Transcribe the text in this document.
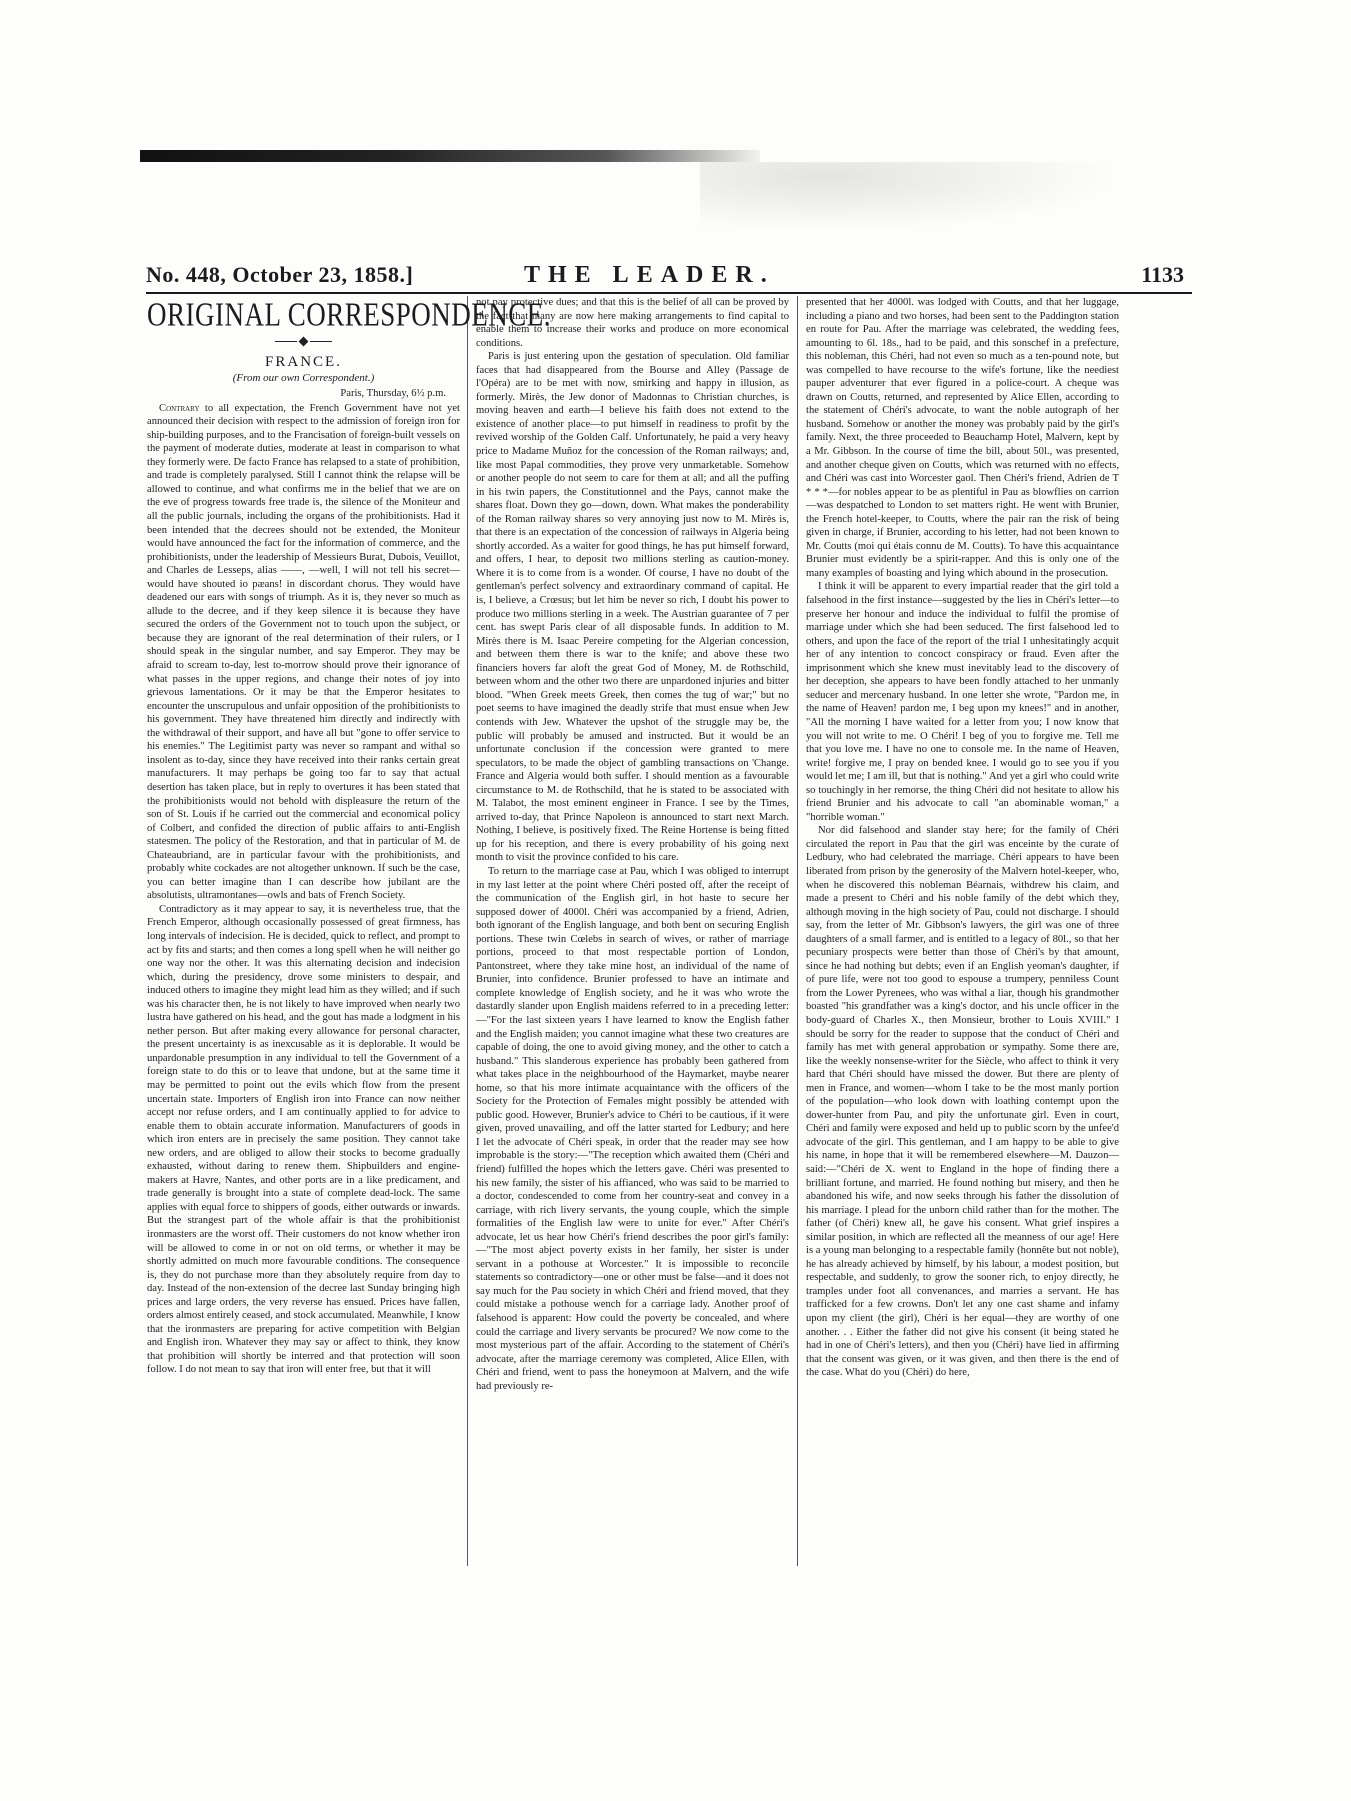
No. 448, October 23, 1858.]	THE LEADER.	1133
ORIGINAL CORRESPONDENCE.
FRANCE.
(From our own Correspondent.)
Paris, Thursday, 6½ p.m.

Contrary to all expectation, the French Government have not yet announced their decision with respect to the admission of foreign iron for ship-building purposes, and to the Francisation of foreign-built vessels on the payment of moderate duties, moderate at least in comparison to what they formerly were. De facto France has relapsed to a state of prohibition, and trade is completely paralysed. Still I cannot think the relapse will be allowed to continue, and what confirms me in the belief that we are on the eve of progress towards free trade is, the silence of the Moniteur and all the public journals, including the organs of the prohibitionists. Had it been intended that the decrees should not be extended, the Moniteur would have announced the fact for the information of commerce, and the prohibitionists, under the leadership of Messieurs Burat, Dubois, Veuillot, and Charles de Lesseps, alias ——, —well, I will not tell his secret—would have shouted io pæans! in discordant chorus. They would have deadened our ears with songs of triumph. As it is, they never so much as allude to the decree, and if they keep silence it is because they have secured the orders of the Government not to touch upon the subject, or because they are ignorant of the real determination of their rulers, or I should speak in the singular number, and say Emperor. They may be afraid to scream to-day, lest to-morrow should prove their ignorance of what passes in the upper regions, and change their notes of joy into grievous lamentations. Or it may be that the Emperor hesitates to encounter the unscrupulous and unfair opposition of the prohibitionists to his government. They have threatened him directly and indirectly with the withdrawal of their support, and have all but "gone to offer service to his enemies." The Legitimist party was never so rampant and withal so insolent as to-day, since they have received into their ranks certain great manufacturers. It may perhaps be going too far to say that actual desertion has taken place, but in reply to overtures it has been stated that the prohibitionists would not behold with displeasure the return of the son of St. Louis if he carried out the commercial and economical policy of Colbert, and confided the direction of public affairs to anti-English statesmen. The policy of the Restoration, and that in particular of M. de Chateaubriand, are in particular favour with the prohibitionists, and probably white cockades are not altogether unknown. If such be the case, you can better imagine than I can describe how jubilant are the absolutists, ultramontanes—owls and bats of French Society.

Contradictory as it may appear to say, it is nevertheless true, that the French Emperor, although occasionally possessed of great firmness, has long intervals of indecision. He is decided, quick to reflect, and prompt to act by fits and starts; and then comes a long spell when he will neither go one way nor the other. It was this alternating decision and indecision which, during the presidency, drove some ministers to despair, and induced others to imagine they might lead him as they willed; and if such was his character then, he is not likely to have improved when nearly two lustra have gathered on his head, and the gout has made a lodgment in his nether person. But after making every allowance for personal character, the present uncertainty is as inexcusable as it is deplorable. It would be unpardonable presumption in any individual to tell the Government of a foreign state to do this or to leave that undone, but at the same time it may be permitted to point out the evils which flow from the present uncertain state. Importers of English iron into France can now neither accept nor refuse orders, and I am continually applied to for advice to enable them to obtain accurate information. Manufacturers of goods in which iron enters are in precisely the same position. They cannot take new orders, and are obliged to allow their stocks to become gradually exhausted, without daring to renew them. Shipbuilders and engine-makers at Havre, Nantes, and other ports are in a like predicament, and trade generally is brought into a state of complete dead-lock. The same applies with equal force to shippers of goods, either outwards or inwards. But the strangest part of the whole affair is that the prohibitionist ironmasters are the worst off. Their customers do not know whether iron will be allowed to come in or not on old terms, or whether it may be shortly admitted on much more favourable conditions. The consequence is, they do not purchase more than they absolutely require from day to day. Instead of the non-extension of the decree last Sunday bringing high prices and large orders, the very reverse has ensued. Prices have fallen, orders almost entirely ceased, and stock accumulated. Meanwhile, I know that the ironmasters are preparing for active competition with Belgian and English iron. Whatever they may say or affect to think, they know that prohibition will shortly be interred and that protection will soon follow. I do not mean to say that iron will enter free, but that it will

not pay protective dues; and that this is the belief of all can be proved by the fact that many are now here making arrangements to find capital to enable them to increase their works and produce on more economical conditions.

Paris is just entering upon the gestation of speculation. Old familiar faces that had disappeared from the Bourse and Alley (Passage de l'Opéra) are to be met with now, smirking and happy in illusion, as formerly. Mirès, the Jew donor of Madonnas to Christian churches, is moving heaven and earth—I believe his faith does not extend to the existence of another place—to put himself in readiness to profit by the revived worship of the Golden Calf. Unfortunately, he paid a very heavy price to Madame Muñoz for the concession of the Roman railways; and, like most Papal commodities, they prove very unmarketable. Somehow or another people do not seem to care for them at all; and all the puffing in his twin papers, the Constitutionnel and the Pays, cannot make the shares float. Down they go—down, down. What makes the ponderability of the Roman railway shares so very annoying just now to M. Mirès is, that there is an expectation of the concession of railways in Algeria being shortly accorded. As a waiter for good things, he has put himself forward, and offers, I hear, to deposit two millions sterling as caution-money. Where it is to come from is a wonder. Of course, I have no doubt of the gentleman's perfect solvency and extraordinary command of capital. He is, I believe, a Crœsus; but let him be never so rich, I doubt his power to produce two millions sterling in a week. The Austrian guarantee of 7 per cent. has swept Paris clear of all disposable funds. In addition to M. Mirès there is M. Isaac Pereire competing for the Algerian concession, and between them there is war to the knife; and above these two financiers hovers far aloft the great God of Money, M. de Rothschild, between whom and the other two there are unpardoned injuries and bitter blood. "When Greek meets Greek, then comes the tug of war;" but no poet seems to have imagined the deadly strife that must ensue when Jew contends with Jew. Whatever the upshot of the struggle may be, the public will probably be amused and instructed. But it would be an unfortunate conclusion if the concession were granted to mere speculators, to be made the object of gambling transactions on 'Change. France and Algeria would both suffer. I should mention as a favourable circumstance to M. de Rothschild, that he is stated to be associated with M. Talabot, the most eminent engineer in France. I see by the Times, arrived to-day, that Prince Napoleon is announced to start next March. Nothing, I believe, is positively fixed. The Reine Hortense is being fitted up for his reception, and there is every probability of his going next month to visit the province confided to his care.

To return to the marriage case at Pau, which I was obliged to interrupt in my last letter at the point where Chéri posted off, after the receipt of the communication of the English girl, in hot haste to secure her supposed dower of 4000l. Chéri was accompanied by a friend, Adrien, both ignorant of the English language, and both bent on securing English portions. These twin Cœlebs in search of wives, or rather of marriage portions, proceed to that most respectable portion of London, Pantonstreet, where they take mine host, an individual of the name of Brunier, into confidence. Brunier professed to have an intimate and complete knowledge of English society, and he it was who wrote the dastardly slander upon English maidens referred to in a preceding letter: —"For the last sixteen years I have learned to know the English father and the English maiden; you cannot imagine what these two creatures are capable of doing, the one to avoid giving money, and the other to catch a husband." This slanderous experience has probably been gathered from what takes place in the neighbourhood of the Haymarket, maybe nearer home, so that his more intimate acquaintance with the officers of the Society for the Protection of Females might possibly be attended with public good. However, Brunier's advice to Chéri to be cautious, if it were given, proved unavailing, and off the latter started for Ledbury; and here I let the advocate of Chéri speak, in order that the reader may see how improbable is the story:—"The reception which awaited them (Chéri and friend) fulfilled the hopes which the letters gave. Chéri was presented to his new family, the sister of his affianced, who was said to be married to a doctor, condescended to come from her country-seat and convey in a carriage, with rich livery servants, the young couple, which the simple formalities of the English law were to unite for ever." After Chéri's advocate, let us hear how Chéri's friend describes the poor girl's family:—"The most abject poverty exists in her family, her sister is under servant in a pothouse at Worcester." It is impossible to reconcile statements so contradictory—one or other must be false—and it does not say much for the Pau society in which Chéri and friend moved, that they could mistake a pothouse wench for a carriage lady. Another proof of falsehood is apparent: How could the poverty be concealed, and where could the carriage and livery servants be procured? We now come to the most mysterious part of the affair. According to the statement of Chéri's advocate, after the marriage ceremony was completed, Alice Ellen, with Chéri and friend, went to pass the honeymoon at Malvern, and the wife had previously re-

presented that her 4000l. was lodged with Coutts, and that her luggage, including a piano and two horses, had been sent to the Paddington station en route for Pau. After the marriage was celebrated, the wedding fees, amounting to 6l. 18s., had to be paid, and this sonschef in a prefecture, this nobleman, this Chéri, had not even so much as a ten-pound note, but was compelled to have recourse to the wife's fortune, like the neediest pauper adventurer that ever figured in a police-court. A cheque was drawn on Coutts, returned, and represented by Alice Ellen, according to the statement of Chéri's advocate, to want the noble autograph of her husband. Somehow or another the money was probably paid by the girl's family. Next, the three proceeded to Beauchamp Hotel, Malvern, kept by a Mr. Gibbson. In the course of time the bill, about 50l., was presented, and another cheque given on Coutts, which was returned with no effects, and Chéri was cast into Worcester gaol. Then Chéri's friend, Adrien de T * * *—for nobles appear to be as plentiful in Pau as blowflies on carrion—was despatched to London to set matters right. He went with Brunier, the French hotel-keeper, to Coutts, where the pair ran the risk of being given in charge, if Brunier, according to his letter, had not been known to Mr. Coutts (moi qui étais connu de M. Coutts). To have this acquaintance Brunier must evidently be a spirit-rapper. And this is only one of the many examples of boasting and lying which abound in the prosecution.

I think it will be apparent to every impartial reader that the girl told a falsehood in the first instance—suggested by the lies in Chéri's letter—to preserve her honour and induce the individual to fulfil the promise of marriage under which she had been seduced. The first falsehood led to others, and upon the face of the report of the trial I unhesitatingly acquit her of any intention to concoct conspiracy or fraud. Even after the imprisonment which she knew must inevitably lead to the discovery of her deception, she appears to have been fondly attached to her unmanly seducer and mercenary husband. In one letter she wrote, "Pardon me, in the name of Heaven! pardon me, I beg upon my knees!" and in another, "All the morning I have waited for a letter from you; I now know that you will not write to me. O Chéri! I beg of you to forgive me. Tell me that you love me. I have no one to console me. In the name of Heaven, write! forgive me, I pray on bended knee. I would go to see you if you would let me; I am ill, but that is nothing." And yet a girl who could write so touchingly in her remorse, the thing Chéri did not hesitate to allow his friend Brunier and his advocate to call "an abominable woman," a "horrible woman."

Nor did falsehood and slander stay here; for the family of Chéri circulated the report in Pau that the girl was enceinte by the curate of Ledbury, who had celebrated the marriage. Chéri appears to have been liberated from prison by the generosity of the Malvern hotel-keeper, who, when he discovered this nobleman Béarnais, withdrew his claim, and made a present to Chéri and his noble family of the debt which they, although moving in the high society of Pau, could not discharge. I should say, from the letter of Mr. Gibbson's lawyers, the girl was one of three daughters of a small farmer, and is entitled to a legacy of 80l., so that her pecuniary prospects were better than those of Chéri's by that amount, since he had nothing but debts; even if an English yeoman's daughter, if of pure life, were not too good to espouse a trumpery, penniless Count from the Lower Pyrenees, who was withal a liar, though his grandmother boasted "his grandfather was a king's doctor, and his uncle officer in the body-guard of Charles X., then Monsieur, brother to Louis XVIII." I should be sorry for the reader to suppose that the conduct of Chéri and family has met with general approbation or sympathy. Some there are, like the weekly nonsense-writer for the Siècle, who affect to think it very hard that Chéri should have missed the dower. But there are plenty of men in France, and women—whom I take to be the most manly portion of the population—who look down with loathing contempt upon the dower-hunter from Pau, and pity the unfortunate girl. Even in court, Chéri and family were exposed and held up to public scorn by the unfee'd advocate of the girl. This gentleman, and I am happy to be able to give his name, in hope that it will be remembered elsewhere—M. Dauzon—said:—"Chéri de X. went to England in the hope of finding there a brilliant fortune, and married. He found nothing but misery, and then he abandoned his wife, and now seeks through his father the dissolution of his marriage. I plead for the unborn child rather than for the mother. The father (of Chéri) knew all, he gave his consent. What grief inspires a similar position, in which are reflected all the meanness of our age! Here is a young man belonging to a respectable family (honnête but not noble), he has already achieved by himself, by his labour, a modest position, but respectable, and suddenly, to grow the sooner rich, to enjoy directly, he tramples under foot all convenances, and marries a servant. He has trafficked for a few crowns. Don't let any one cast shame and infamy upon my client (the girl), Chéri is her equal—they are worthy of one another. . . Either the father did not give his consent (it being stated he had in one of Chéri's letters), and then you (Chéri) have lied in affirming that the consent was given, or it was given, and then there is the end of the case. What do you (Chéri) do here,
